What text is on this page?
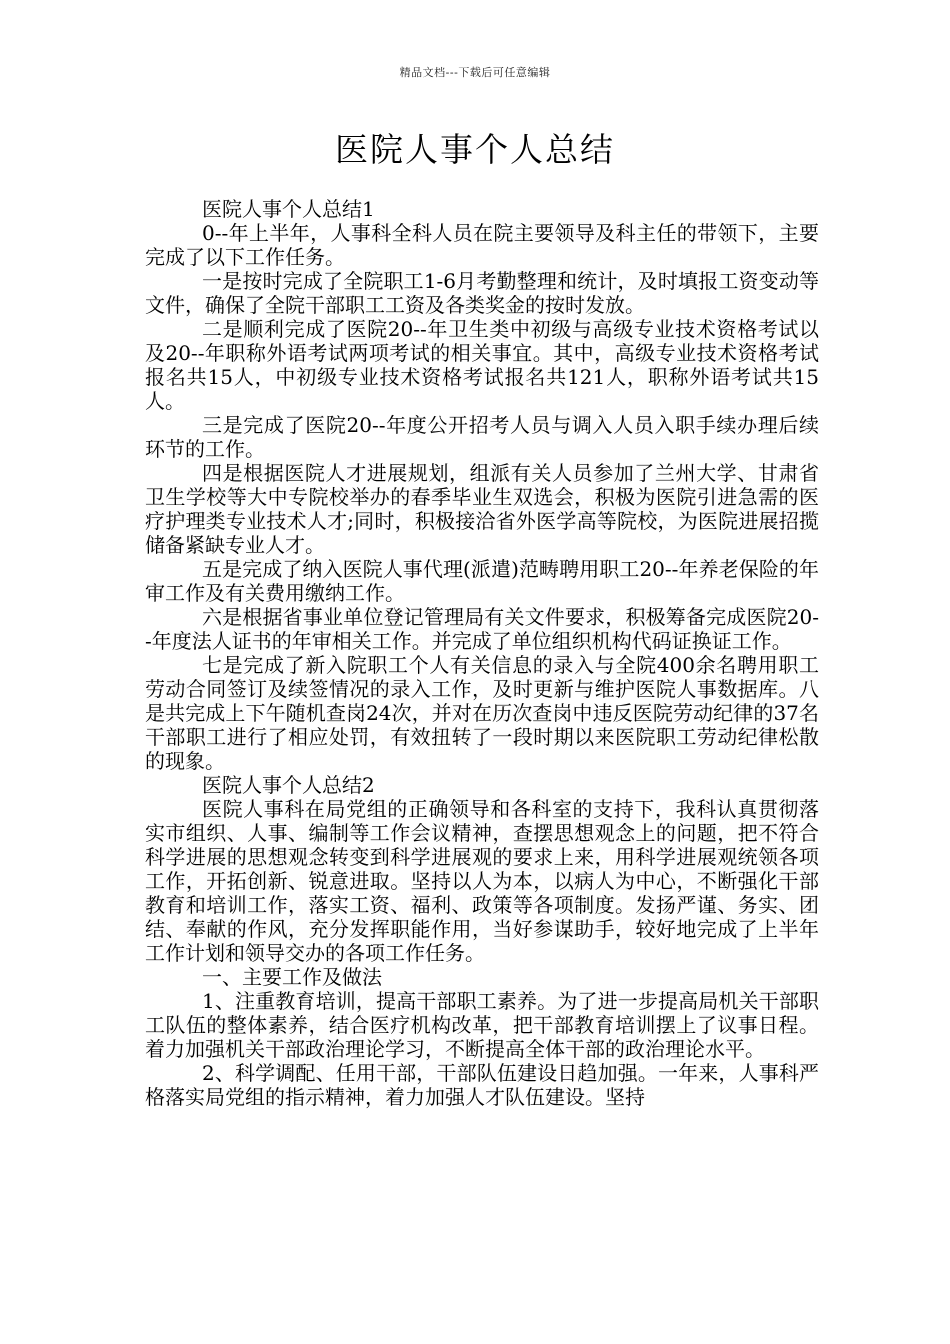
精品文档---下载后可任意编辑
医院人事个人总结

医院人事个人总结1

0--年上半年，人事科全科人员在院主要领导及科主任的带领下，主要完成了以下工作任务。

一是按时完成了全院职工1-6月考勤整理和统计，及时填报工资变动等文件，确保了全院干部职工工资及各类奖金的按时发放。

二是顺利完成了医院20--年卫生类中初级与高级专业技术资格考试以及20--年职称外语考试两项考试的相关事宜。其中，高级专业技术资格考试报名共15人，中初级专业技术资格考试报名共121人，职称外语考试共15人。

三是完成了医院20--年度公开招考人员与调入人员入职手续办理后续环节的工作。

四是根据医院人才进展规划，组派有关人员参加了兰州大学、甘肃省卫生学校等大中专院校举办的春季毕业生双选会，积极为医院引进急需的医疗护理类专业技术人才;同时，积极接洽省外医学高等院校，为医院进展招揽储备紧缺专业人才。

五是完成了纳入医院人事代理(派遣)范畴聘用职工20--年养老保险的年审工作及有关费用缴纳工作。

六是根据省事业单位登记管理局有关文件要求，积极筹备完成医院20--年度法人证书的年审相关工作。并完成了单位组织机构代码证换证工作。

七是完成了新入院职工个人有关信息的录入与全院400余名聘用职工劳动合同签订及续签情况的录入工作，及时更新与维护医院人事数据库。八是共完成上下午随机查岗24次，并对在历次查岗中违反医院劳动纪律的37名干部职工进行了相应处罚，有效扭转了一段时期以来医院职工劳动纪律松散的现象。

医院人事个人总结2

医院人事科在局党组的正确领导和各科室的支持下，我科认真贯彻落实市组织、人事、编制等工作会议精神，查摆思想观念上的问题，把不符合科学进展的思想观念转变到科学进展观的要求上来，用科学进展观统领各项工作，开拓创新、锐意进取。坚持以人为本，以病人为中心，不断强化干部教育和培训工作，落实工资、福利、政策等各项制度。发扬严谨、务实、团结、奉献的作风，充分发挥职能作用，当好参谋助手，较好地完成了上半年工作计划和领导交办的各项工作任务。

一、主要工作及做法

1、注重教育培训，提高干部职工素养。为了进一步提高局机关干部职工队伍的整体素养，结合医疗机构改革，把干部教育培训摆上了议事日程。着力加强机关干部政治理论学习，不断提高全体干部的政治理论水平。

2、科学调配、任用干部，干部队伍建设日趋加强。一年来，人事科严格落实局党组的指示精神，着力加强人才队伍建设。坚持
